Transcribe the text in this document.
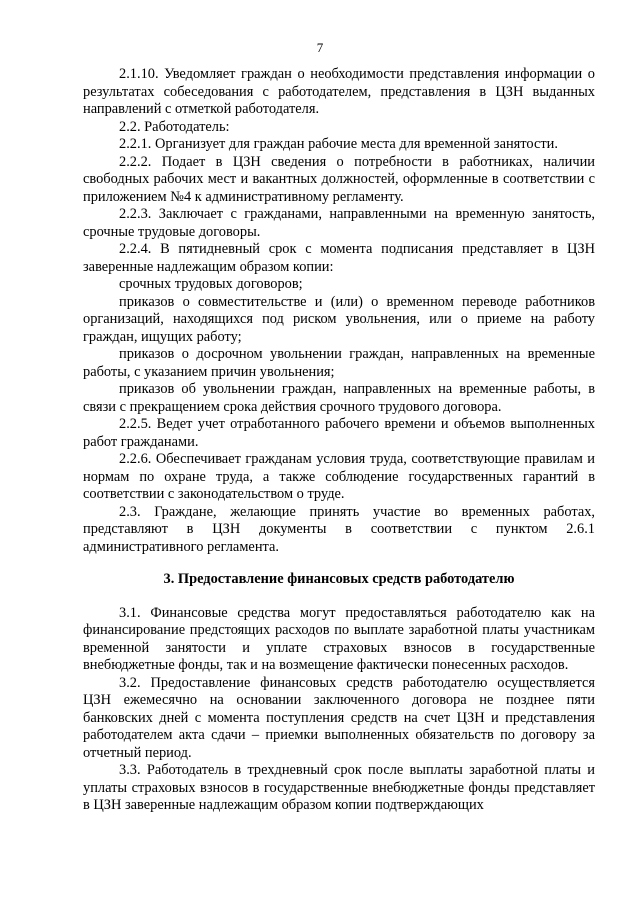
7

2.1.10. Уведомляет граждан о необходимости представления информации о результатах собеседования с работодателем, представления в ЦЗН выданных направлений с отметкой работодателя.

2.2. Работодатель:

2.2.1. Организует для граждан рабочие места для временной занятости.

2.2.2. Подает в ЦЗН сведения о потребности в работниках, наличии свободных рабочих мест и вакантных должностей, оформленные в соответствии с приложением №4 к административному регламенту.

2.2.3. Заключает с гражданами, направленными на временную занятость, срочные трудовые договоры.

2.2.4. В пятидневный срок с момента подписания представляет в ЦЗН заверенные надлежащим образом копии:

срочных трудовых договоров;

приказов о совместительстве и (или) о временном переводе работников организаций, находящихся под риском увольнения, или о приеме на работу граждан, ищущих работу;

приказов о досрочном увольнении граждан, направленных на временные работы, с указанием причин увольнения;

приказов об увольнении граждан, направленных на временные работы, в связи с прекращением срока действия срочного трудового договора.

2.2.5. Ведет учет отработанного рабочего времени и объемов выполненных работ гражданами.

2.2.6. Обеспечивает гражданам условия труда, соответствующие правилам и нормам по охране труда, а также соблюдение государственных гарантий в соответствии с законодательством о труде.

2.3. Граждане, желающие принять участие во временных работах, представляют в ЦЗН документы в соответствии с пунктом 2.6.1 административного регламента.

3. Предоставление финансовых средств работодателю

3.1. Финансовые средства могут предоставляться работодателю как на финансирование предстоящих расходов по выплате заработной платы участникам временной занятости и уплате страховых взносов в государственные внебюджетные фонды, так и на возмещение фактически понесенных расходов.

3.2. Предоставление финансовых средств работодателю осуществляется ЦЗН ежемесячно на основании заключенного договора не позднее пяти банковских дней с момента поступления средств на счет ЦЗН и представления работодателем акта сдачи – приемки выполненных обязательств по договору за отчетный период.

3.3. Работодатель в трехдневный срок после выплаты заработной платы и уплаты страховых взносов в государственные внебюджетные фонды представляет в ЦЗН заверенные надлежащим образом копии подтверждающих
